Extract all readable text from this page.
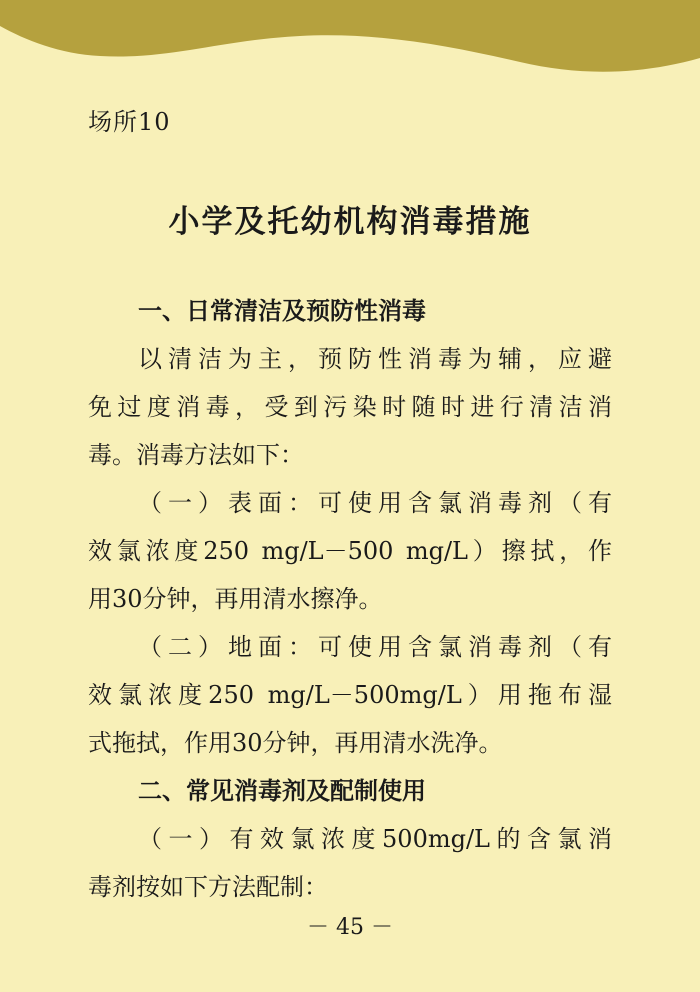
场所10
小学及托幼机构消毒措施
一、日常清洁及预防性消毒
以清洁为主，预防性消毒为辅，应避
免过度消毒，受到污染时随时进行清洁消
毒。消毒方法如下：
（一）表面：可使用含氯消毒剂（有
效氯浓度250 mg/L－500 mg/L）擦拭，作
用30分钟，再用清水擦净。
（二）地面：可使用含氯消毒剂（有
效氯浓度250 mg/L－500mg/L）用拖布湿
式拖拭，作用30分钟，再用清水洗净。
二、常见消毒剂及配制使用
（一）有效氯浓度500mg/L的含氯消
毒剂按如下方法配制：
－ 45 －
